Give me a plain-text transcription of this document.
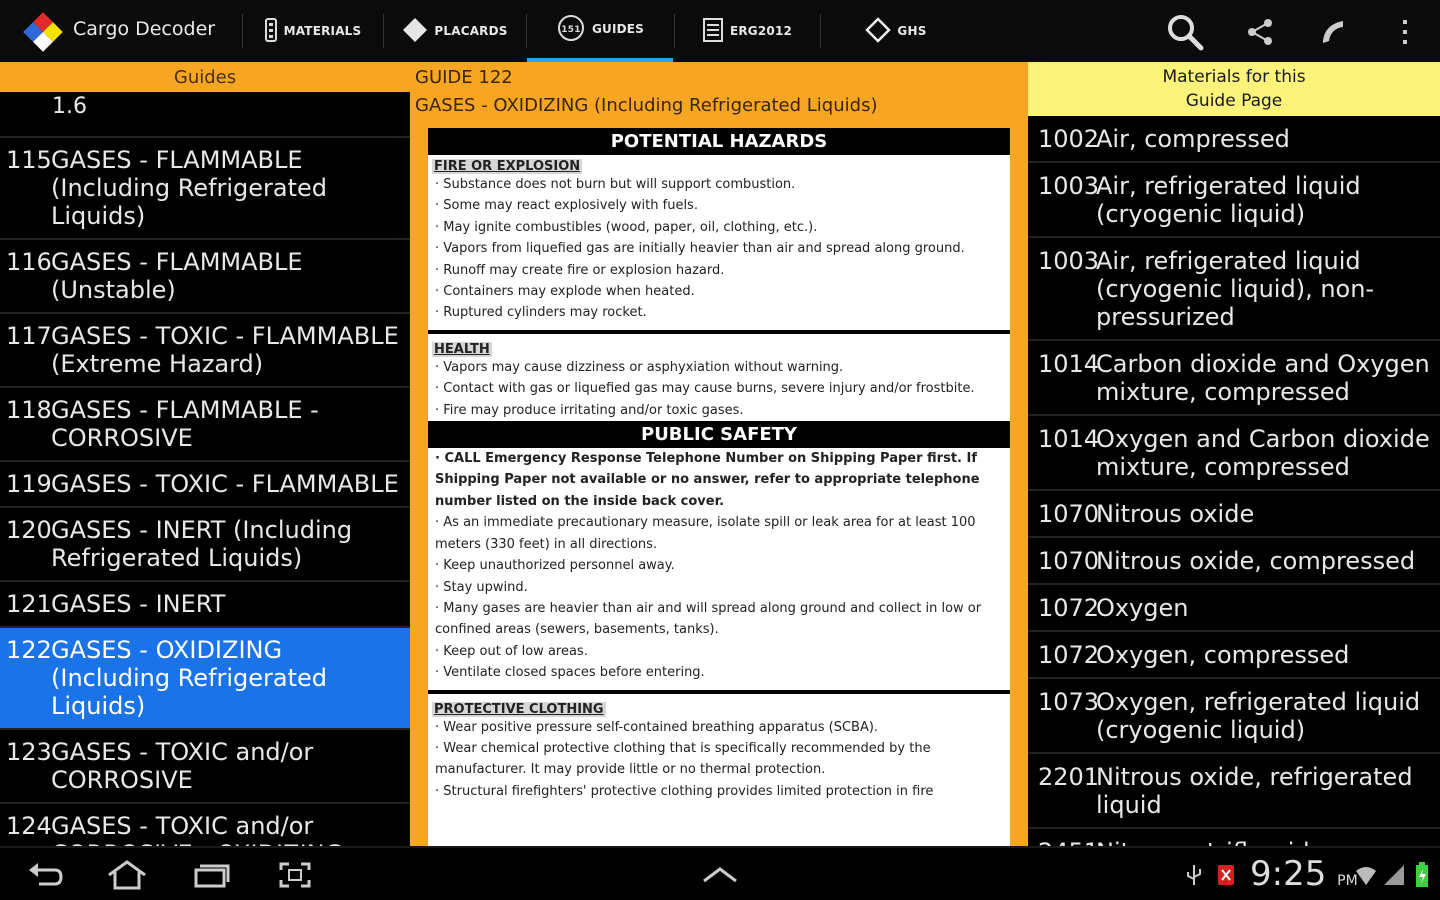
Cargo Decoder	MATERIALS	PLACARDS	151 GUIDES	ERG2012	GHS
Guides
1.6
115 GASES - FLAMMABLE (Including Refrigerated Liquids)
116 GASES - FLAMMABLE (Unstable)
117 GASES - TOXIC - FLAMMABLE (Extreme Hazard)
118 GASES - FLAMMABLE - CORROSIVE
119 GASES - TOXIC - FLAMMABLE
120 GASES - INERT (Including Refrigerated Liquids)
121 GASES - INERT
122 GASES - OXIDIZING (Including Refrigerated Liquids)
123 GASES - TOXIC and/or CORROSIVE
124 GASES - TOXIC and/or
GUIDE 122
GASES - OXIDIZING (Including Refrigerated Liquids)
POTENTIAL HAZARDS
FIRE OR EXPLOSION
· Substance does not burn but will support combustion.
· Some may react explosively with fuels.
· May ignite combustibles (wood, paper, oil, clothing, etc.).
· Vapors from liquefied gas are initially heavier than air and spread along ground.
· Runoff may create fire or explosion hazard.
· Containers may explode when heated.
· Ruptured cylinders may rocket.
HEALTH
· Vapors may cause dizziness or asphyxiation without warning.
· Contact with gas or liquefied gas may cause burns, severe injury and/or frostbite.
· Fire may produce irritating and/or toxic gases.
PUBLIC SAFETY
· CALL Emergency Response Telephone Number on Shipping Paper first. If Shipping Paper not available or no answer, refer to appropriate telephone number listed on the inside back cover.
· As an immediate precautionary measure, isolate spill or leak area for at least 100 meters (330 feet) in all directions.
· Keep unauthorized personnel away.
· Stay upwind.
· Many gases are heavier than air and will spread along ground and collect in low or confined areas (sewers, basements, tanks).
· Keep out of low areas.
· Ventilate closed spaces before entering.
PROTECTIVE CLOTHING
· Wear positive pressure self-contained breathing apparatus (SCBA).
· Wear chemical protective clothing that is specifically recommended by the manufacturer. It may provide little or no thermal protection.
· Structural firefighters' protective clothing provides limited protection in fire
Materials for this
Guide Page
1002
Air, compressed
1003
Air, refrigerated liquid (cryogenic liquid)
1003
Air, refrigerated liquid (cryogenic liquid), non-pressurized
1014
Carbon dioxide and Oxygen mixture, compressed
1014
Oxygen and Carbon dioxide mixture, compressed
1070
Nitrous oxide
1070
Nitrous oxide, compressed
1072
Oxygen
1072
Oxygen, compressed
1073
Oxygen, refrigerated liquid (cryogenic liquid)
2201
Nitrous oxide, refrigerated liquid
9:25 PM
